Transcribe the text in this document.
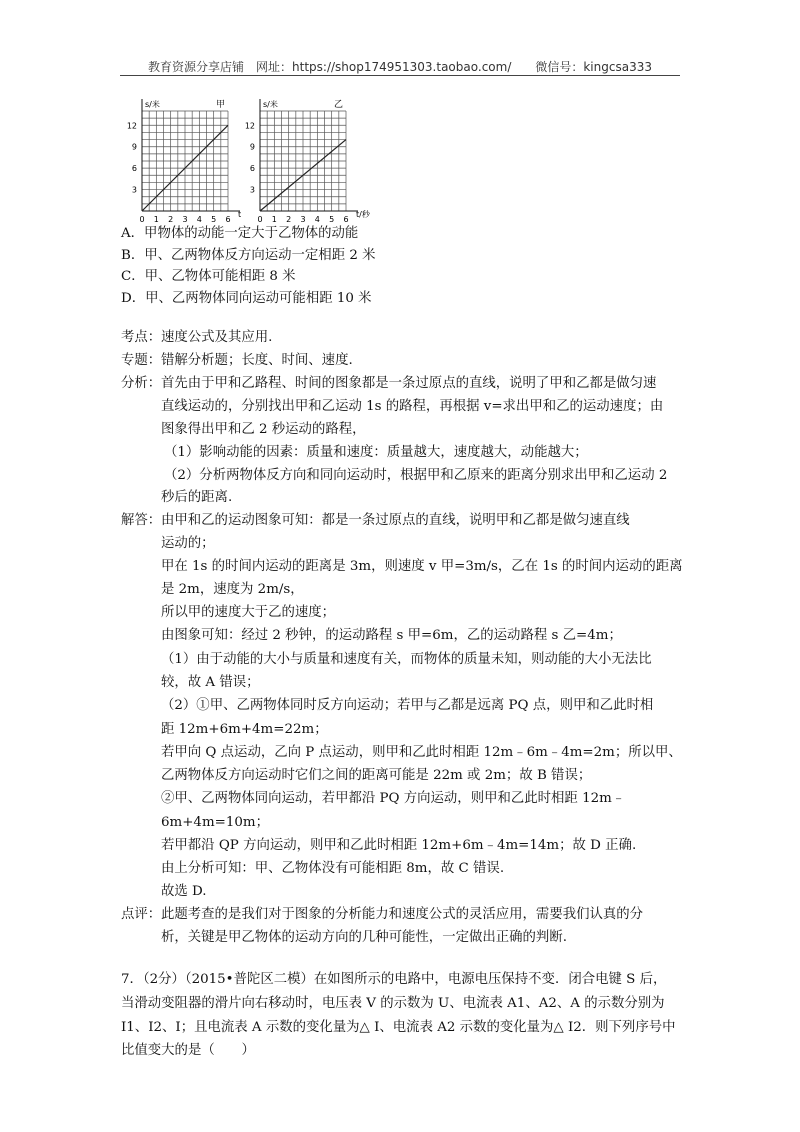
教育资源分享店铺　网址：https://shop174951303.taobao.com/　　微信号：kingcsa333
12
9
6
3
0 1 2 3 4 5 6
s/米	甲
t
12
9
6
3
0 1 2 3 4 5 6
s/米	乙
t/秒
A．甲物体的动能一定大于乙物体的动能
B．甲、乙两物体反方向运动一定相距 2 米
C．甲、乙物体可能相距 8 米
D．甲、乙两物体同向运动可能相距 10 米
考点： 速度公式及其应用.
专题： 错解分析题；长度、时间、速度.
分析： 首先由于甲和乙路程、时间的图象都是一条过原点的直线，说明了甲和乙都是做匀速
直线运动的，分别找出甲和乙运动 1s 的路程，再根据 v=求出甲和乙的运动速度；由
图象得出甲和乙 2 秒运动的路程，
（1）影响动能的因素：质量和速度：质量越大，速度越大，动能越大；
（2）分析两物体反方向和同向运动时，根据甲和乙原来的距离分别求出甲和乙运动 2
秒后的距离.
解答： 由甲和乙的运动图象可知：都是一条过原点的直线，说明甲和乙都是做匀速直线
运动的；
甲在 1s 的时间内运动的距离是 3m，则速度 v 甲=3m/s，乙在 1s 的时间内运动的距离
是 2m，速度为 2m/s，
所以甲的速度大于乙的速度；
由图象可知：经过 2 秒钟，的运动路程 s 甲=6m，乙的运动路程 s 乙=4m；
（1）由于动能的大小与质量和速度有关，而物体的质量未知，则动能的大小无法比
较，故 A 错误；
（2）①甲、乙两物体同时反方向运动；若甲与乙都是远离 PQ 点，则甲和乙此时相
距 12m+6m+4m=22m；
若甲向 Q 点运动，乙向 P 点运动，则甲和乙此时相距 12m﹣6m﹣4m=2m；所以甲、
乙两物体反方向运动时它们之间的距离可能是 22m 或 2m；故 B 错误；
②甲、乙两物体同向运动，若甲都沿 PQ 方向运动，则甲和乙此时相距 12m﹣
6m+4m=10m；
若甲都沿 QP 方向运动，则甲和乙此时相距 12m+6m﹣4m=14m；故 D 正确.
由上分析可知：甲、乙物体没有可能相距 8m，故 C 错误.
故选 D.
点评： 此题考查的是我们对于图象的分析能力和速度公式的灵活应用，需要我们认真的分
析，关键是甲乙物体的运动方向的几种可能性，一定做出正确的判断.
7．（2分）（2015•普陀区二模）在如图所示的电路中，电源电压保持不变．闭合电键 S 后，
当滑动变阻器的滑片向右移动时，电压表 V 的示数为 U、电流表 A1、A2、A 的示数分别为
I1、I2、I；且电流表 A 示数的变化量为△ I、电流表 A2 示数的变化量为△ I2．则下列序号中
比值变大的是（　　）
